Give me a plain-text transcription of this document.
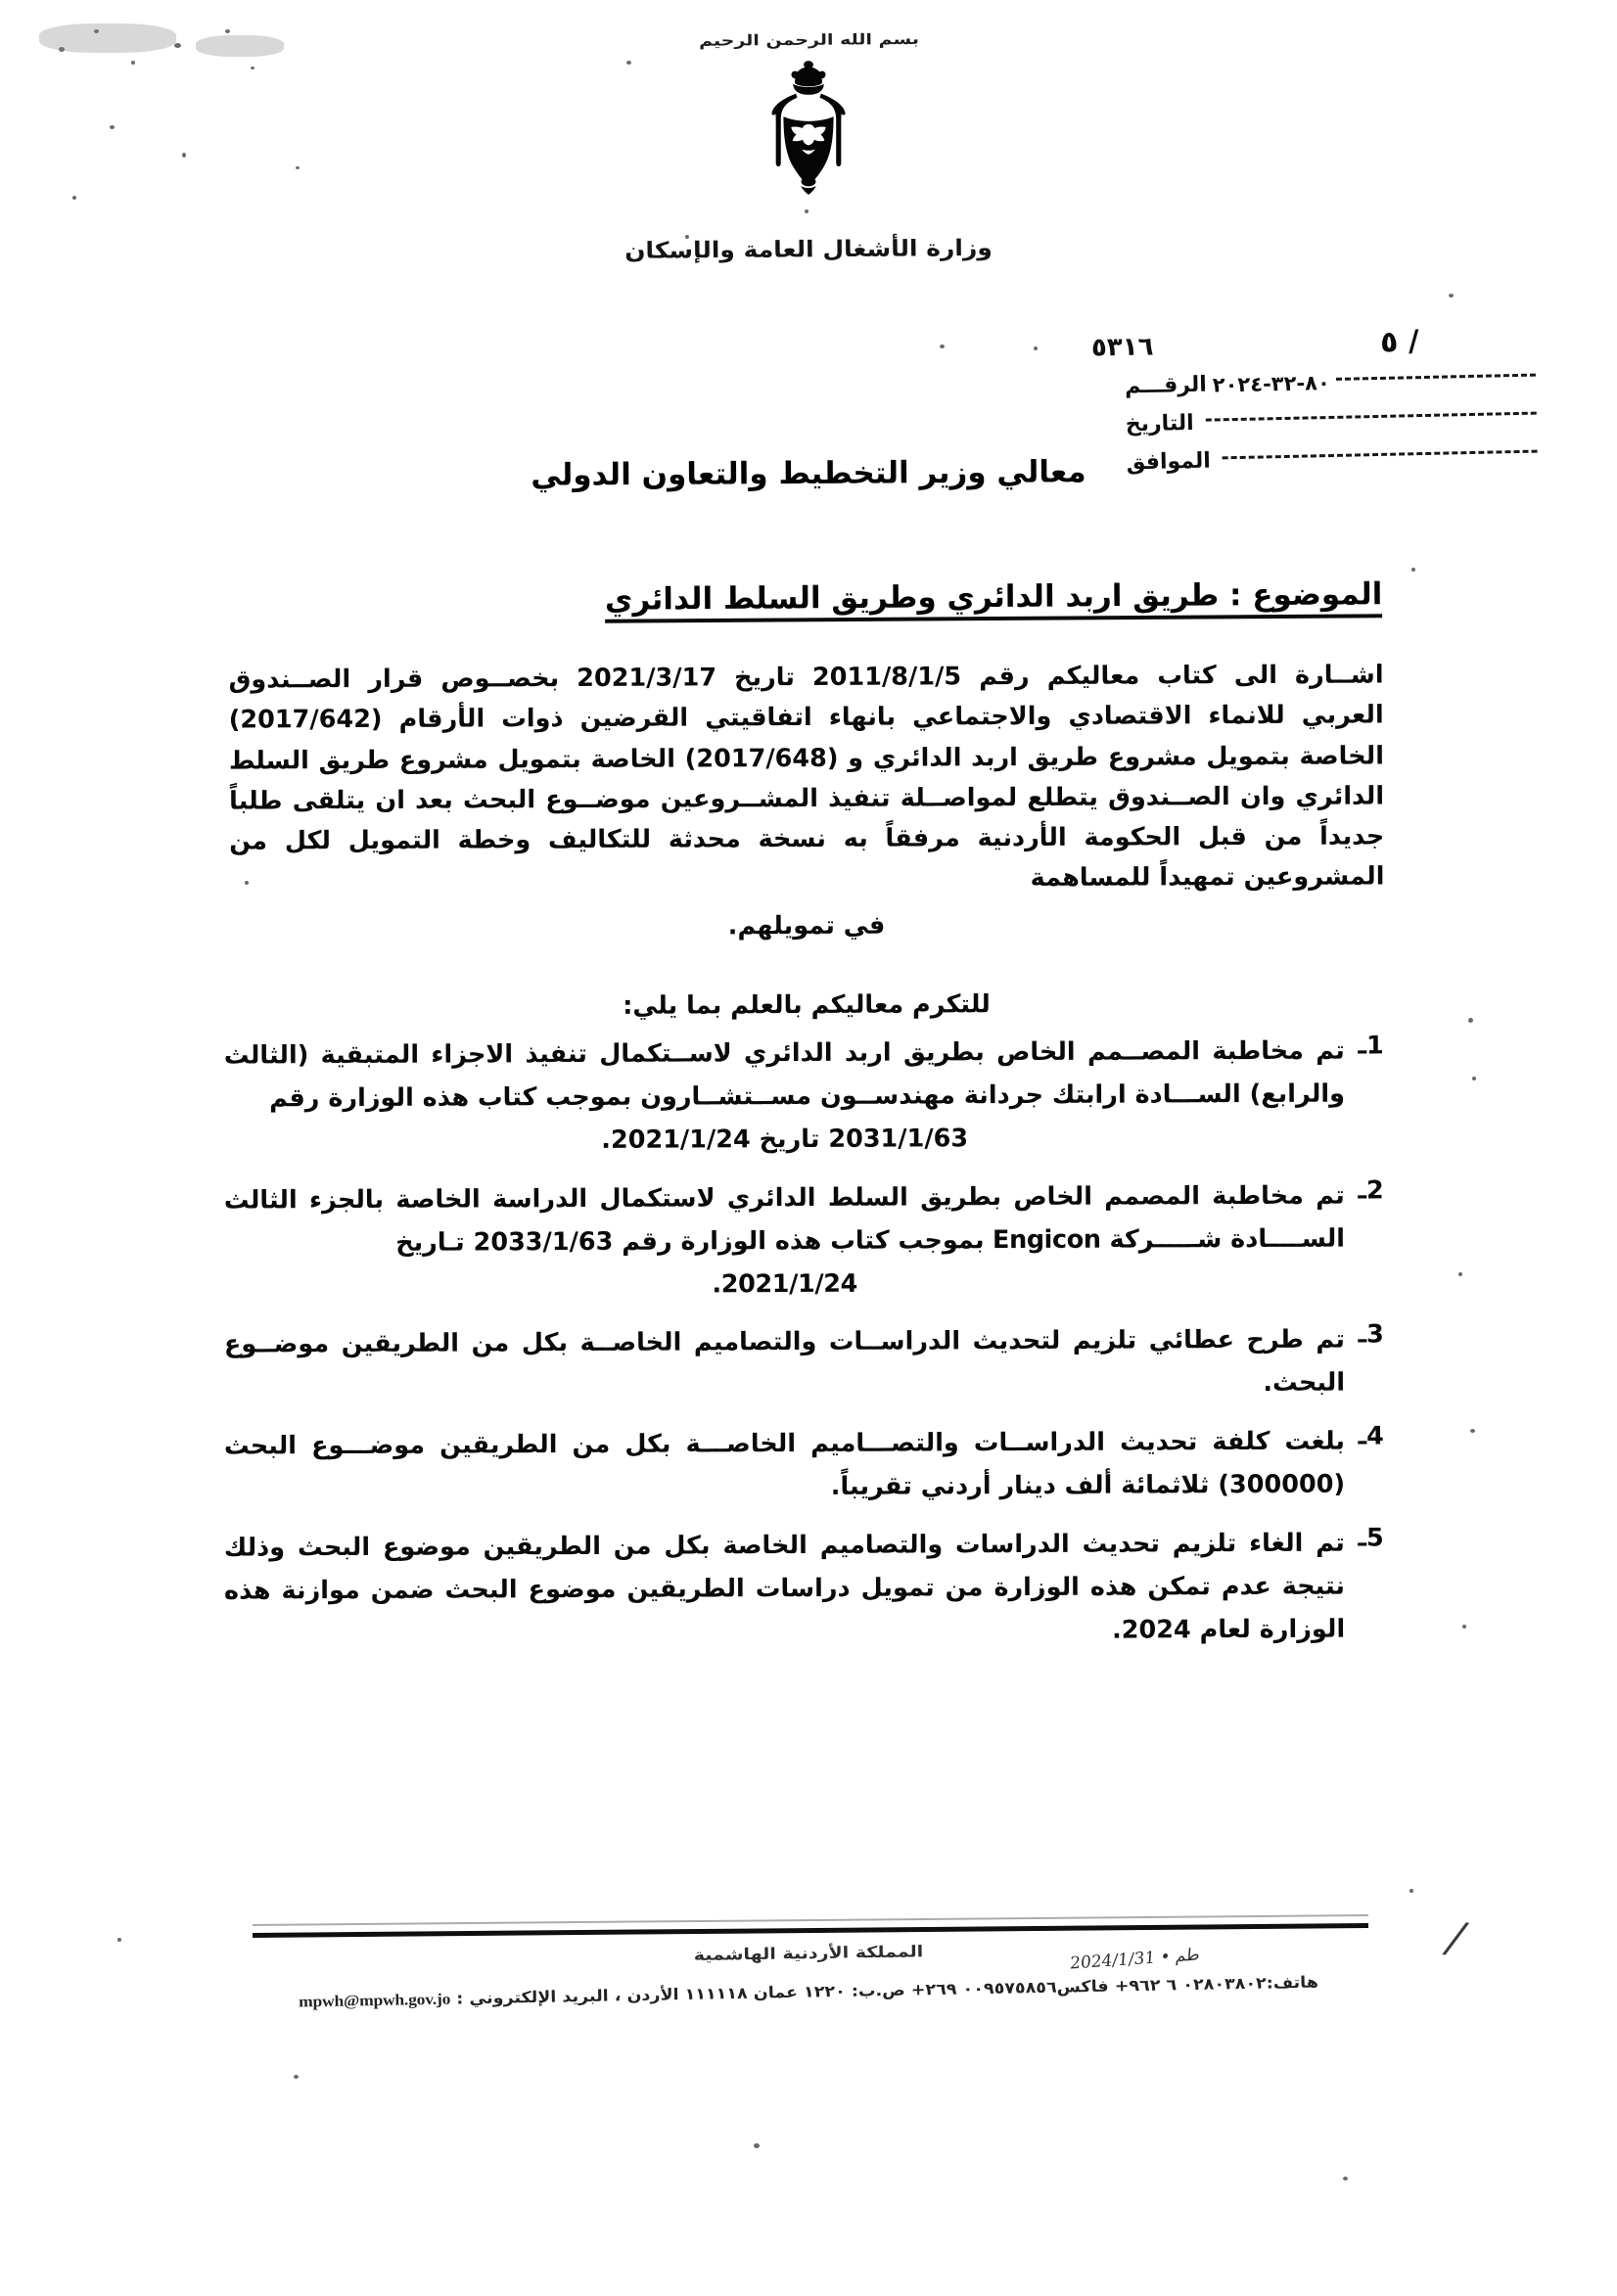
بسم الله الرحمن الرحيم
وزارة الأشغال العامة والإسكان
٥٣١٦	/ ٥
الرقـــم ٨٠-٣٢-٢٠٢٤
التاريخ
الموافق
معالي وزير التخطيط والتعاون الدولي
الموضوع : طريق اربد الدائري وطريق السلط الدائري

اشــارة الى كتاب معاليكم رقم 2011/8/1/5 تاريخ 2021/3/17 بخصــوص قرار الصــندوق العربي للانماء الاقتصادي والاجتماعي بانهاء اتفاقيتي القرضين ذوات الأرقام (2017/642) الخاصة بتمويل مشروع طريق اربد الدائري و (2017/648) الخاصة بتمويل مشروع طريق السلط الدائري وان الصــندوق يتطلع لمواصــلة تنفيذ المشــروعين موضــوع البحث بعد ان يتلقى طلباً جديداً من قبل الحكومة الأردنية مرفقاً به نسخة محدثة للتكاليف وخطة التمويل لكل من المشروعين تمهيداً للمساهمة

في تمويلهم.

للتكرم معاليكم بالعلم بما يلي:
1ـ
تم مخاطبة المصــمم الخاص بطريق اربد الدائري لاســتكمال تنفيذ الاجزاء المتبقية (الثالث والرابع) الســـادة ارابتك جردانة مهندســون مســتشــارون بموجب كتاب هذه الوزارة رقم
2031/1/63 تاريخ 2021/1/24.
2ـ
تم مخاطبة المصمم الخاص بطريق السلط الدائري لاستكمال الدراسة الخاصة بالجزء الثالث الســــادة شـــــركة Engicon بموجب كتاب هذه الوزارة رقم 2033/1/63 تـاريخ
2021/1/24.
3ـ
تم طرح عطائي تلزيم لتحديث الدراســات والتصاميم الخاصــة بكل من الطريقين موضــوع البحث.
4ـ
بلغت كلفة تحديث الدراســات والتصـــاميم الخاصـــة بكل من الطريقين موضـــوع البحث (300000) ثلاثمائة ألف دينار أردني تقريباً.
5ـ
تم الغاء تلزيم تحديث الدراسات والتصاميم الخاصة بكل من الطريقين موضوع البحث وذلك نتيجة عدم تمكن هذه الوزارة من تمويل دراسات الطريقين موضوع البحث ضمن موازنة هذه الوزارة لعام 2024.
المملكة الأردنية الهاشمية	طم • 2024/1/31
هاتف:٠٢٨٠٣٨٠٢ ٦ ٩٦٢+ فاكس٠٠٩٥٧٥٨٥٦ ٢٦٩+ ص.ب: ١٢٢٠ عمان ١١١١١٨ الأردن ، البريد الإلكتروني : mpwh@mpwh.gov.jo
/
